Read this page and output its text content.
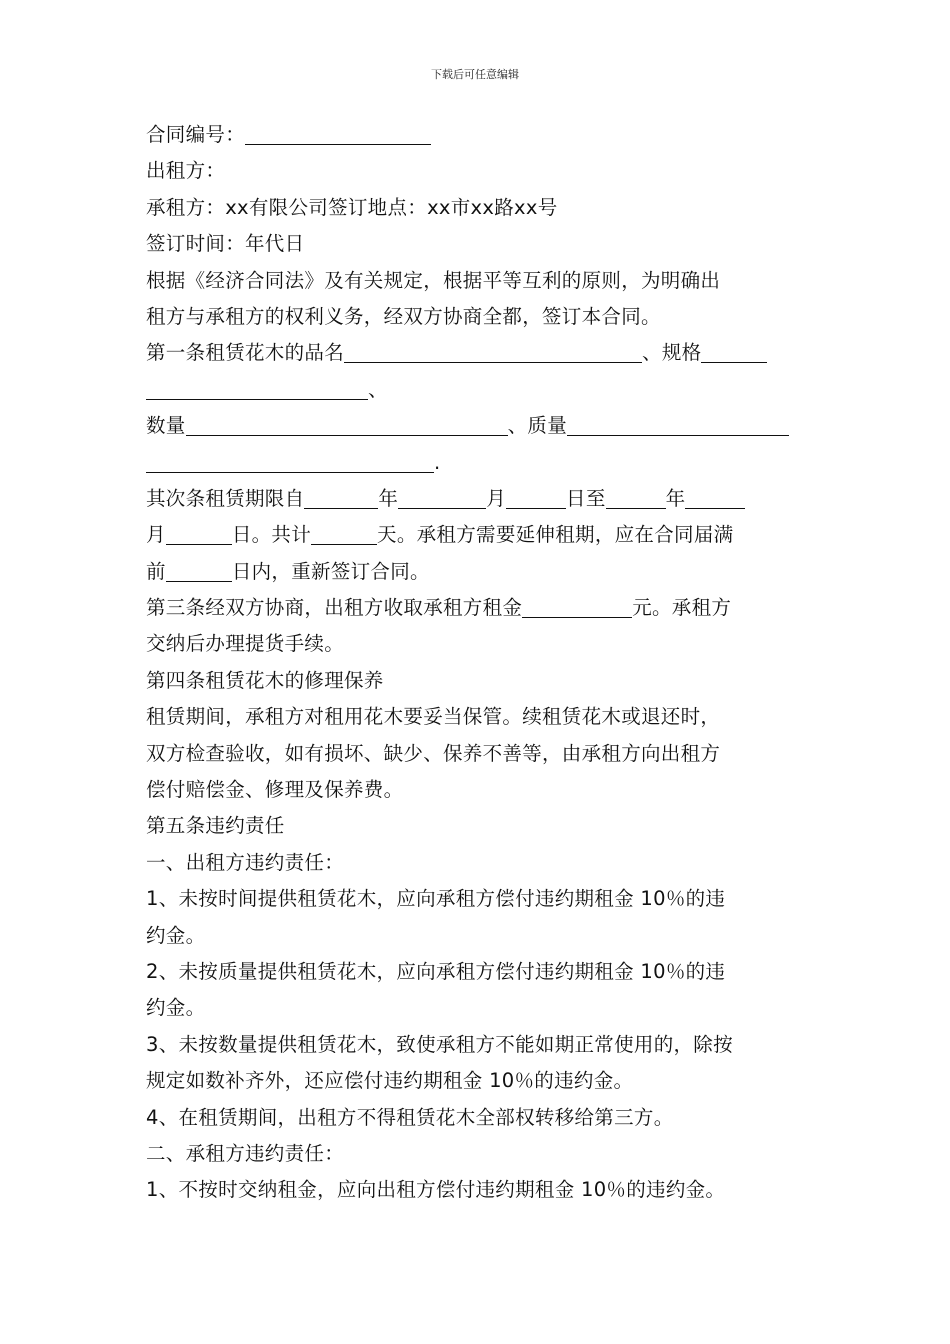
下载后可任意编辑
合同编号：
出租方：
承租方：xx有限公司签订地点：xx市xx路xx号
签订时间：年代日
根据《经济合同法》及有关规定，根据平等互利的原则，为明确出
租方与承租方的权利义务，经双方协商全都，签订本合同。
第一条租赁花木的品名	、规格
、
数量	、质量
.
其次条租赁期限自	年	月	日至	年
月	日。共计	天。承租方需要延伸租期，应在合同届满
前	日内，重新签订合同。
第三条经双方协商，出租方收取承租方租金	元。承租方
交纳后办理提货手续。
第四条租赁花木的修理保养
租赁期间，承租方对租用花木要妥当保管。续租赁花木或退还时，
双方检查验收，如有损坏、缺少、保养不善等，由承租方向出租方
偿付赔偿金、修理及保养费。
第五条违约责任
一、出租方违约责任：
1、未按时间提供租赁花木，应向承租方偿付违约期租金 10％的违
约金。
2、未按质量提供租赁花木，应向承租方偿付违约期租金 10％的违
约金。
3、未按数量提供租赁花木，致使承租方不能如期正常使用的，除按
规定如数补齐外，还应偿付违约期租金 10％的违约金。
4、在租赁期间，出租方不得租赁花木全部权转移给第三方。
二、承租方违约责任：
1、不按时交纳租金，应向出租方偿付违约期租金 10％的违约金。
